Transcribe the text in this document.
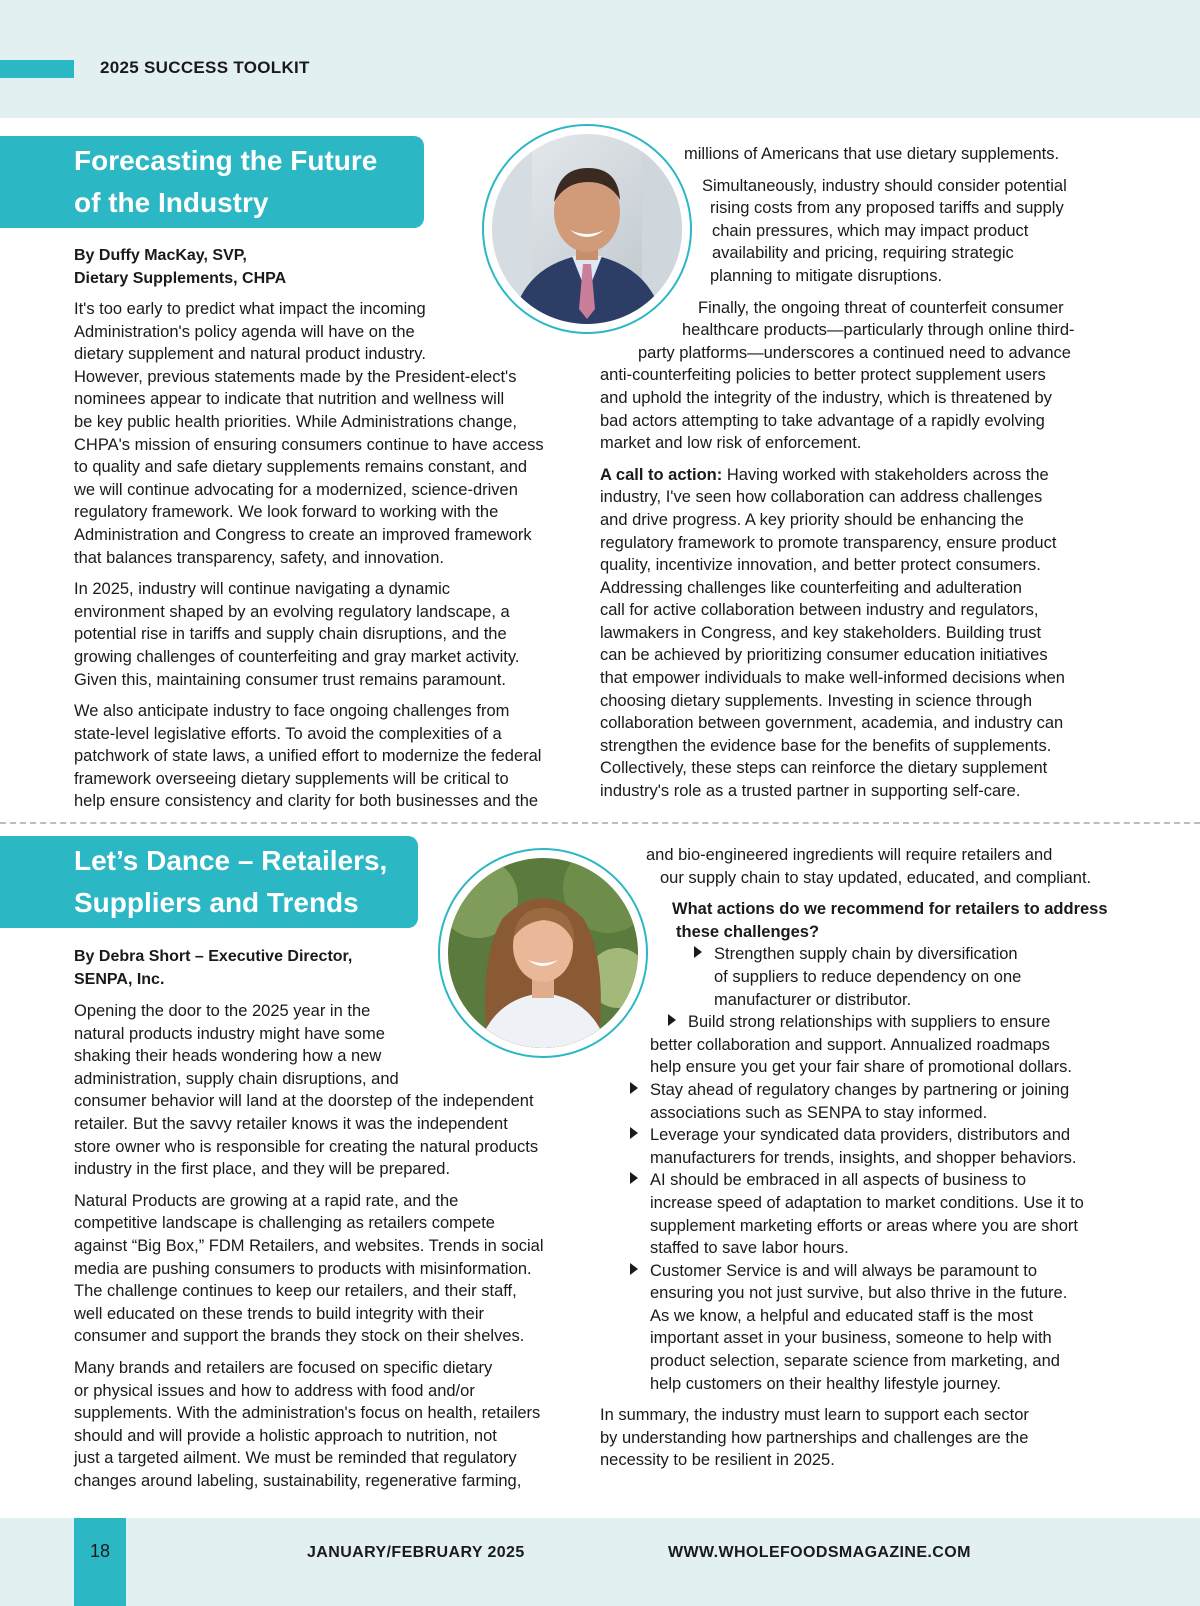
2025 SUCCESS TOOLKIT
Forecasting the Future
of the Industry
By Duffy MacKay, SVP,
Dietary Supplements, CHPA
It's too early to predict what impact the incoming
Administration's policy agenda will have on the
dietary supplement and natural product industry.
However, previous statements made by the President-elect's
nominees appear to indicate that nutrition and wellness will
be key public health priorities. While Administrations change,
CHPA's mission of ensuring consumers continue to have access
to quality and safe dietary supplements remains constant, and
we will continue advocating for a modernized, science-driven
regulatory framework. We look forward to working with the
Administration and Congress to create an improved framework
that balances transparency, safety, and innovation.
In 2025, industry will continue navigating a dynamic
environment shaped by an evolving regulatory landscape, a
potential rise in tariffs and supply chain disruptions, and the
growing challenges of counterfeiting and gray market activity.
Given this, maintaining consumer trust remains paramount.
We also anticipate industry to face ongoing challenges from
state-level legislative efforts. To avoid the complexities of a
patchwork of state laws, a unified effort to modernize the federal
framework overseeing dietary supplements will be critical to
help ensure consistency and clarity for both businesses and the
millions of Americans that use dietary supplements.
Simultaneously, industry should consider potential
rising costs from any proposed tariffs and supply
chain pressures, which may impact product
availability and pricing, requiring strategic
planning to mitigate disruptions.
Finally, the ongoing threat of counterfeit consumer
healthcare products—particularly through online third-
party platforms—underscores a continued need to advance
anti-counterfeiting policies to better protect supplement users
and uphold the integrity of the industry, which is threatened by
bad actors attempting to take advantage of a rapidly evolving
market and low risk of enforcement.
A call to action: Having worked with stakeholders across the
industry, I've seen how collaboration can address challenges
and drive progress. A key priority should be enhancing the
regulatory framework to promote transparency, ensure product
quality, incentivize innovation, and better protect consumers.
Addressing challenges like counterfeiting and adulteration
call for active collaboration between industry and regulators,
lawmakers in Congress, and key stakeholders. Building trust
can be achieved by prioritizing consumer education initiatives
that empower individuals to make well-informed decisions when
choosing dietary supplements. Investing in science through
collaboration between government, academia, and industry can
strengthen the evidence base for the benefits of supplements.
Collectively, these steps can reinforce the dietary supplement
industry's role as a trusted partner in supporting self-care.
Let’s Dance – Retailers,
Suppliers and Trends
By Debra Short – Executive Director,
SENPA, Inc.
Opening the door to the 2025 year in the
natural products industry might have some
shaking their heads wondering how a new
administration, supply chain disruptions, and
consumer behavior will land at the doorstep of the independent
retailer. But the savvy retailer knows it was the independent
store owner who is responsible for creating the natural products
industry in the first place, and they will be prepared.
Natural Products are growing at a rapid rate, and the
competitive landscape is challenging as retailers compete
against “Big Box,” FDM Retailers, and websites. Trends in social
media are pushing consumers to products with misinformation.
The challenge continues to keep our retailers, and their staff,
well educated on these trends to build integrity with their
consumer and support the brands they stock on their shelves.
Many brands and retailers are focused on specific dietary
or physical issues and how to address with food and/or
supplements. With the administration's focus on health, retailers
should and will provide a holistic approach to nutrition, not
just a targeted ailment. We must be reminded that regulatory
changes around labeling, sustainability, regenerative farming,
and bio-engineered ingredients will require retailers and
our supply chain to stay updated, educated, and compliant.
What actions do we recommend for retailers to address
these challenges?
Strengthen supply chain by diversification
of suppliers to reduce dependency on one
manufacturer or distributor.
Build strong relationships with suppliers to ensure
better collaboration and support. Annualized roadmaps
help ensure you get your fair share of promotional dollars.
Stay ahead of regulatory changes by partnering or joining
associations such as SENPA to stay informed.
Leverage your syndicated data providers, distributors and
manufacturers for trends, insights, and shopper behaviors.
AI should be embraced in all aspects of business to
increase speed of adaptation to market conditions. Use it to
supplement marketing efforts or areas where you are short
staffed to save labor hours.
Customer Service is and will always be paramount to
ensuring you not just survive, but also thrive in the future.
As we know, a helpful and educated staff is the most
important asset in your business, someone to help with
product selection, separate science from marketing, and
help customers on their healthy lifestyle journey.
In summary, the industry must learn to support each sector
by understanding how partnerships and challenges are the
necessity to be resilient in 2025.
18	JANUARY/FEBRUARY 2025	WWW.WHOLEFOODSMAGAZINE.COM
